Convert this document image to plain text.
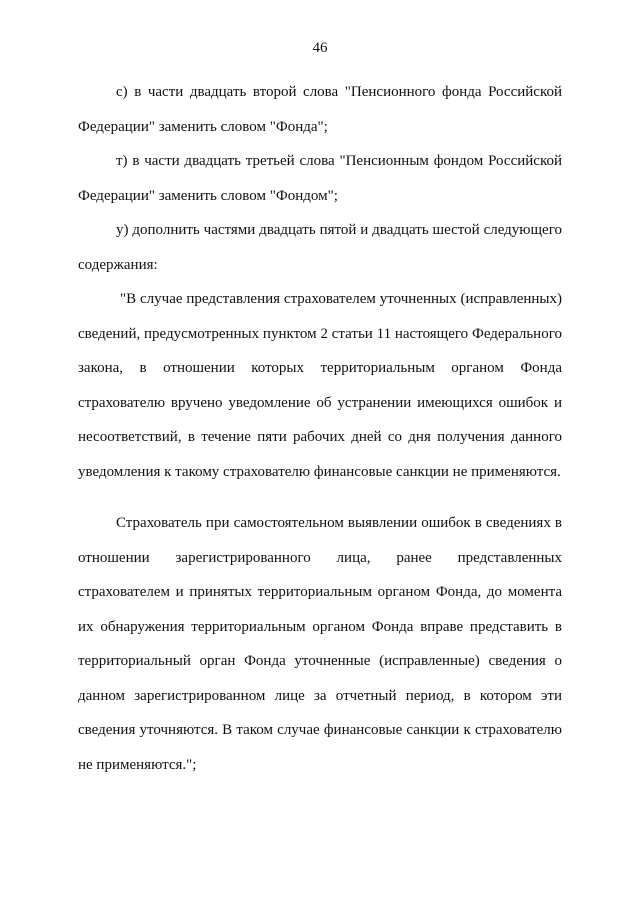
46

с) в части двадцать второй слова "Пенсионного фонда Российской Федерации" заменить словом "Фонда";

т) в части двадцать третьей слова "Пенсионным фондом Российской Федерации" заменить словом "Фондом";

у) дополнить частями двадцать пятой и двадцать шестой следующего содержания:

"В случае представления страхователем уточненных (исправленных) сведений, предусмотренных пунктом 2 статьи 11 настоящего Федерального закона, в отношении которых территориальным органом Фонда страхователю вручено уведомление об устранении имеющихся ошибок и несоответствий, в течение пяти рабочих дней со дня получения данного уведомления к такому страхователю финансовые санкции не применяются.

Страхователь при самостоятельном выявлении ошибок в сведениях в отношении зарегистрированного лица, ранее представленных страхователем и принятых территориальным органом Фонда, до момента их обнаружения территориальным органом Фонда вправе представить в территориальный орган Фонда уточненные (исправленные) сведения о данном зарегистрированном лице за отчетный период, в котором эти сведения уточняются. В таком случае финансовые санкции к страхователю не применяются.";
